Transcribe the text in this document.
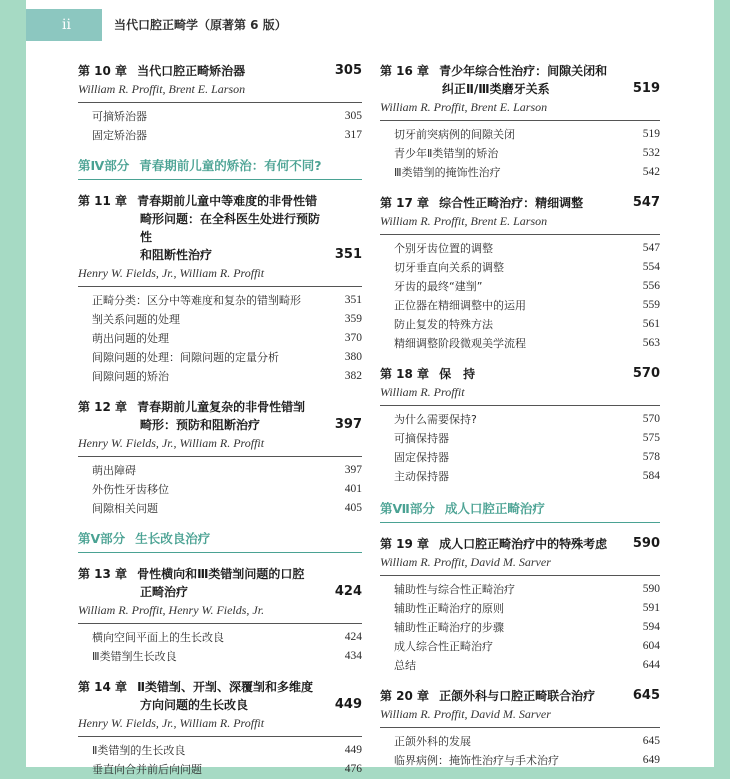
ii	当代口腔正畸学（原著第 6 版）
第 10 章 当代口腔正畸矫治器	305
William R. Proffit, Brent E. Larson
可摘矫治器	305
固定矫治器	317
第Ⅳ部分 青春期前儿童的矫治：有何不同?
第 11 章 青春期前儿童中等难度的非骨性错
畸形问题：在全科医生处进行预防性
和阻断性治疗	351
Henry W. Fields, Jr., William R. Proffit
正畸分类：区分中等难度和复杂的错㓥畸形	351
㓥关系问题的处理	359
萌出问题的处理	370
间隙问题的处理：间隙问题的定量分析	380
间隙问题的矫治	382
第 12 章 青春期前儿童复杂的非骨性错㓥
畸形：预防和阻断治疗	397
Henry W. Fields, Jr., William R. Proffit
萌出障碍	397
外伤性牙齿移位	401
间隙相关问题	405
第Ⅴ部分 生长改良治疗
第 13 章 骨性横向和Ⅲ类错㓥问题的口腔
正畸治疗	424
William R. Proffit, Henry W. Fields, Jr.
横向空间平面上的生长改良	424
Ⅲ类错㓥生长改良	434
第 14 章 Ⅱ类错㓥、开㓥、深覆㓥和多维度
方向问题的生长改良	449
Henry W. Fields, Jr., William R. Proffit
Ⅱ类错㓥的生长改良	449
垂直向合并前后向问题	476
第 16 章 青少年综合性治疗：间隙关闭和
纠正Ⅱ/Ⅲ类磨牙关系	519
William R. Proffit, Brent E. Larson
切牙前突病例的间隙关闭	519
青少年Ⅱ类错㓥的矫治	532
Ⅲ类错㓥的掩饰性治疗	542
第 17 章 综合性正畸治疗：精细调整	547
William R. Proffit, Brent E. Larson
个别牙齿位置的调整	547
切牙垂直向关系的调整	554
牙齿的最终“建㓥”	556
正位器在精细调整中的运用	559
防止复发的特殊方法	561
精细调整阶段微观美学流程	563
第 18 章 保　持	570
William R. Proffit
为什么需要保持?	570
可摘保持器	575
固定保持器	578
主动保持器	584
第Ⅶ部分 成人口腔正畸治疗
第 19 章 成人口腔正畸治疗中的特殊考虑 590
William R. Proffit, David M. Sarver
辅助性与综合性正畸治疗	590
辅助性正畸治疗的原则	591
辅助性正畸治疗的步骤	594
成人综合性正畸治疗	604
总结	644
第 20 章 正颌外科与口腔正畸联合治疗	645
William R. Proffit, David M. Sarver
正颌外科的发展	645
临界病例：掩饰性治疗与手术治疗	649
